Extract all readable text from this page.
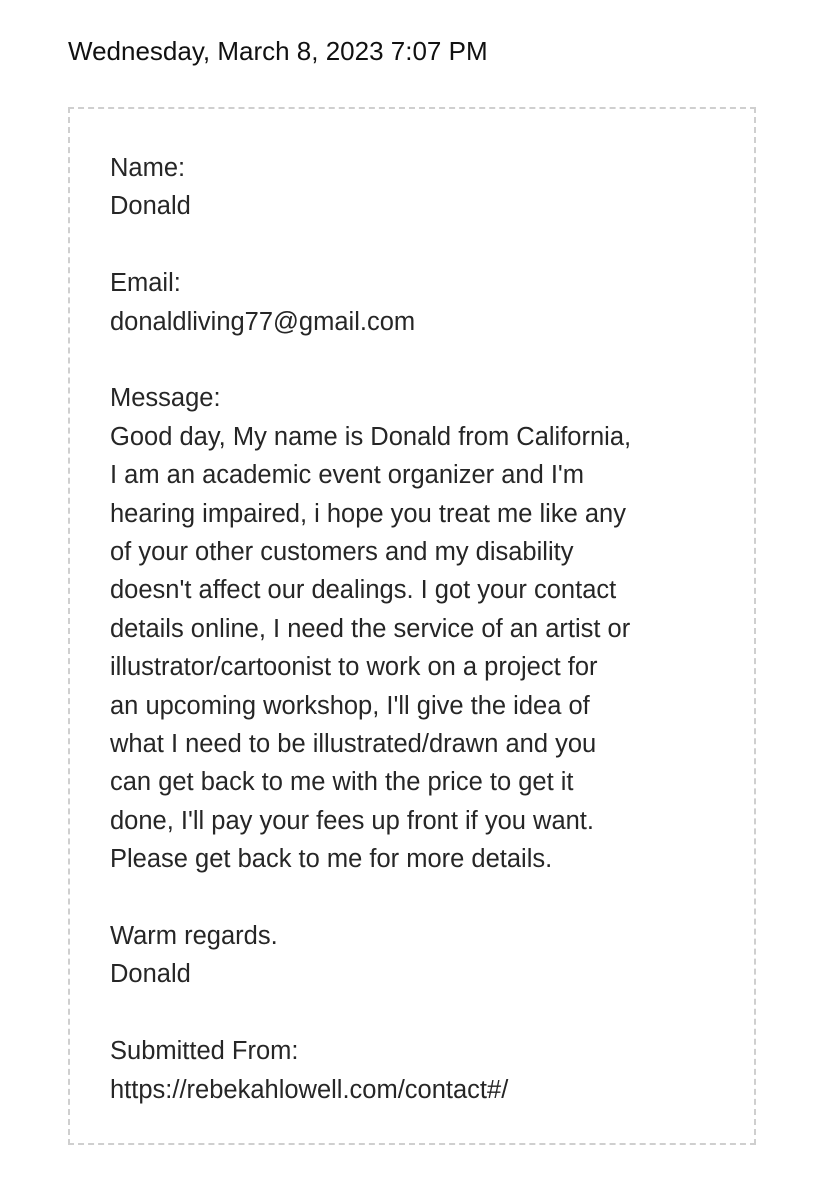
Wednesday, March 8, 2023 7:07 PM
Name:
Donald
Email:
donaldliving77@gmail.com
Message:
Good day, My name is Donald from California,
I am an academic event organizer and I'm
hearing impaired, i hope you treat me like any
of your other customers and my disability
doesn't affect our dealings. I got your contact
details online, I need the service of an artist or
illustrator/cartoonist to work on a project for
an upcoming workshop, I'll give the idea of
what I need to be illustrated/drawn and you
can get back to me with the price to get it
done, I'll pay your fees up front if you want.
Please get back to me for more details.
Warm regards.
Donald
Submitted From:
https://rebekahlowell.com/contact#/
